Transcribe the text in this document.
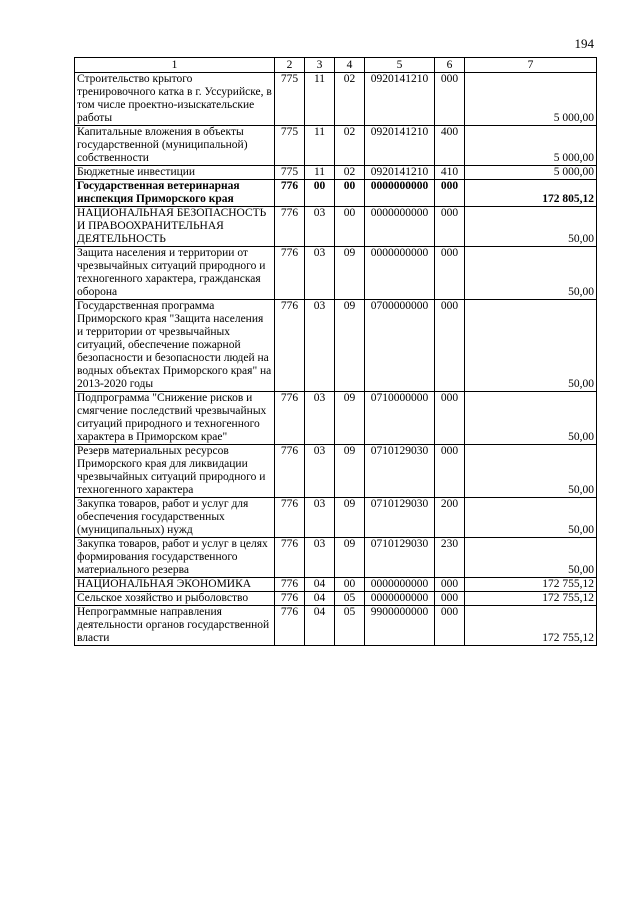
194
1	2	3	4	5	6	7
Строительство крытого тренировочного катка в г. Уссурийске, в том числе проектно-изыскательские работы	775	11	02	0920141210	000	5 000,00
Капитальные вложения в объекты государственной (муниципальной) собственности	775	11	02	0920141210	400	5 000,00
Бюджетные инвестиции	775	11	02	0920141210	410	5 000,00
Государственная ветеринарная инспекция Приморского края	776	00	00	0000000000	000	172 805,12
НАЦИОНАЛЬНАЯ БЕЗОПАСНОСТЬ И ПРАВООХРАНИТЕЛЬНАЯ ДЕЯТЕЛЬНОСТЬ	776	03	00	0000000000	000	50,00
Защита населения и территории от чрезвычайных ситуаций природного и техногенного характера, гражданская оборона	776	03	09	0000000000	000	50,00
Государственная программа Приморского края "Защита населения и территории от чрезвычайных ситуаций, обеспечение пожарной безопасности и безопасности людей на водных объектах Приморского края" на 2013-2020 годы	776	03	09	0700000000	000	50,00
Подпрограмма "Снижение рисков и смягчение последствий чрезвычайных ситуаций природного и техногенного характера в Приморском крае"	776	03	09	0710000000	000	50,00
Резерв материальных ресурсов Приморского края для ликвидации чрезвычайных ситуаций природного и техногенного характера	776	03	09	0710129030	000	50,00
Закупка товаров, работ и услуг для обеспечения государственных (муниципальных) нужд	776	03	09	0710129030	200	50,00
Закупка товаров, работ и услуг в целях формирования государственного материального резерва	776	03	09	0710129030	230	50,00
НАЦИОНАЛЬНАЯ ЭКОНОМИКА	776	04	00	0000000000	000	172 755,12
Сельское хозяйство и рыболовство	776	04	05	0000000000	000	172 755,12
Непрограммные направления деятельности органов государственной власти	776	04	05	9900000000	000	172 755,12
